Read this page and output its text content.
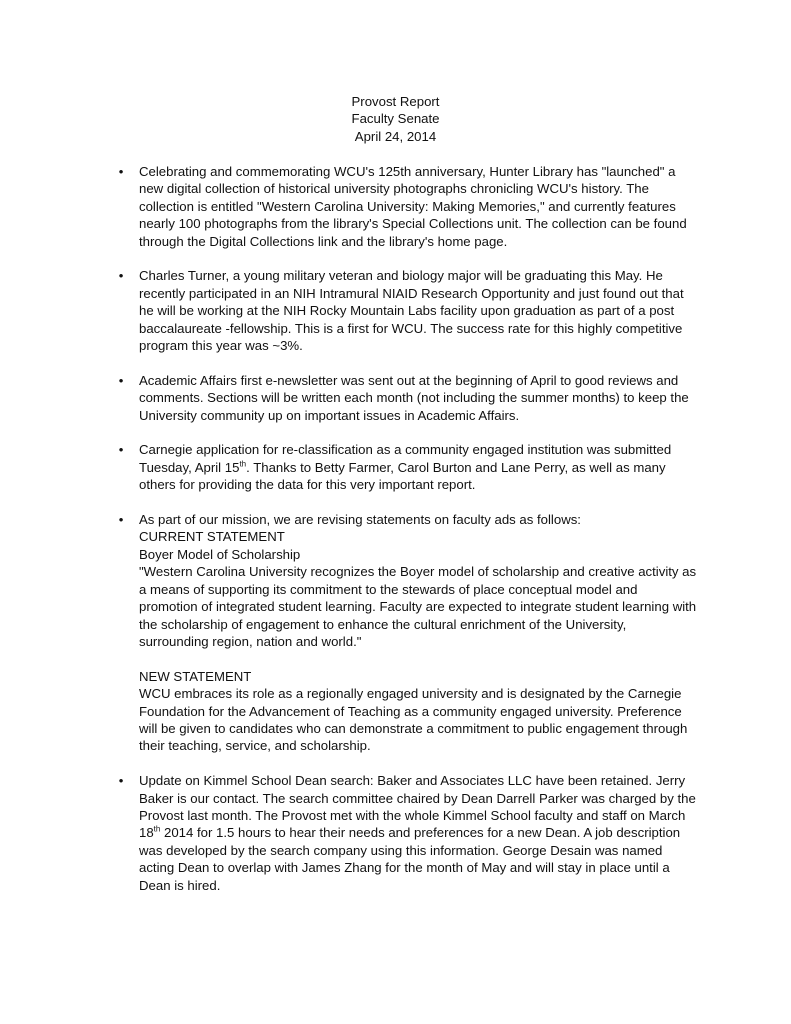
Provost Report
Faculty Senate
April 24, 2014
•

Celebrating and commemorating WCU's 125th anniversary, Hunter Library has "launched" a new digital collection of historical university photographs chronicling WCU's history. The collection is entitled "Western Carolina University: Making Memories," and currently features nearly 100 photographs from the library's Special Collections unit. The collection can be found through the Digital Collections link and the library's home page.

•

Charles Turner, a young military veteran and biology major will be graduating this May. He recently participated in an NIH Intramural NIAID Research Opportunity and just found out that he will be working at the NIH Rocky Mountain Labs facility upon graduation as part of a post baccalaureate -fellowship. This is a first for WCU. The success rate for this highly competitive program this year was ~3%.

•

Academic Affairs first e-newsletter was sent out at the beginning of April to good reviews and comments. Sections will be written each month (not including the summer months) to keep the University community up on important issues in Academic Affairs.

•

Carnegie application for re-classification as a community engaged institution was submitted Tuesday, April 15th. Thanks to Betty Farmer, Carol Burton and Lane Perry, as well as many others for providing the data for this very important report.

•

As part of our mission, we are revising statements on faculty ads as follows:

CURRENT STATEMENT

Boyer Model of Scholarship

"Western Carolina University recognizes the Boyer model of scholarship and creative activity as a means of supporting its commitment to the stewards of place conceptual model and promotion of integrated student learning. Faculty are expected to integrate student learning with the scholarship of engagement to enhance the cultural enrichment of the University, surrounding region, nation and world."

NEW STATEMENT

WCU embraces its role as a regionally engaged university and is designated by the Carnegie Foundation for the Advancement of Teaching as a community engaged university. Preference will be given to candidates who can demonstrate a commitment to public engagement through their teaching, service, and scholarship.

•

Update on Kimmel School Dean search: Baker and Associates LLC have been retained. Jerry Baker is our contact. The search committee chaired by Dean Darrell Parker was charged by the Provost last month. The Provost met with the whole Kimmel School faculty and staff on March 18th 2014 for 1.5 hours to hear their needs and preferences for a new Dean. A job description was developed by the search company using this information. George Desain was named acting Dean to overlap with James Zhang for the month of May and will stay in place until a Dean is hired.
